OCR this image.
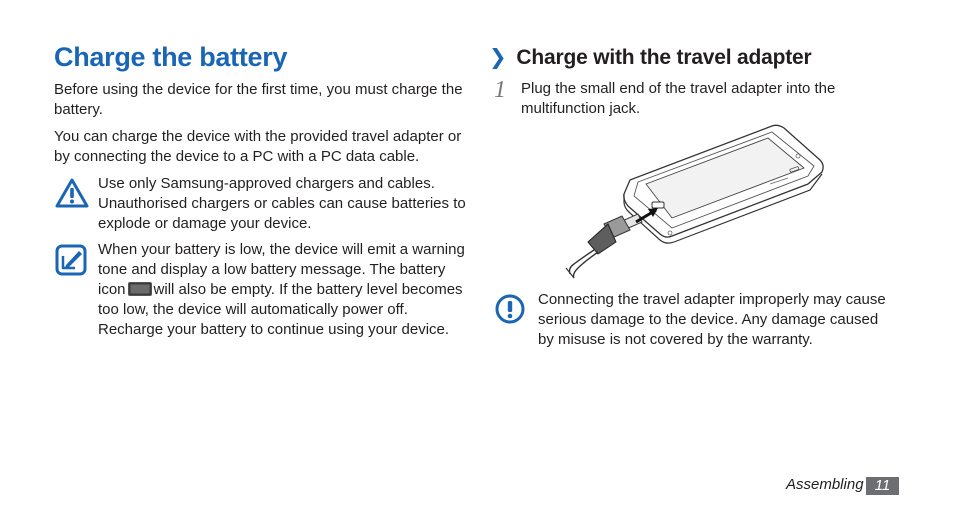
Charge the battery

Before using the device for the first time, you must charge the battery.

You can charge the device with the provided travel adapter or by connecting the device to a PC with a PC data cable.

Use only Samsung-approved chargers and cables. Unauthorised chargers or cables can cause batteries to explode or damage your device.

When your battery is low, the device will emit a warning tone and display a low battery message. The battery icon will also be empty. If the battery level becomes too low, the device will automatically power off. Recharge your battery to continue using your device.

❯ Charge with the travel adapter
1 Plug the small end of the travel adapter into the multifunction jack.

Connecting the travel adapter improperly may cause serious damage to the device. Any damage caused by misuse is not covered by the warranty.

Assembling 11
